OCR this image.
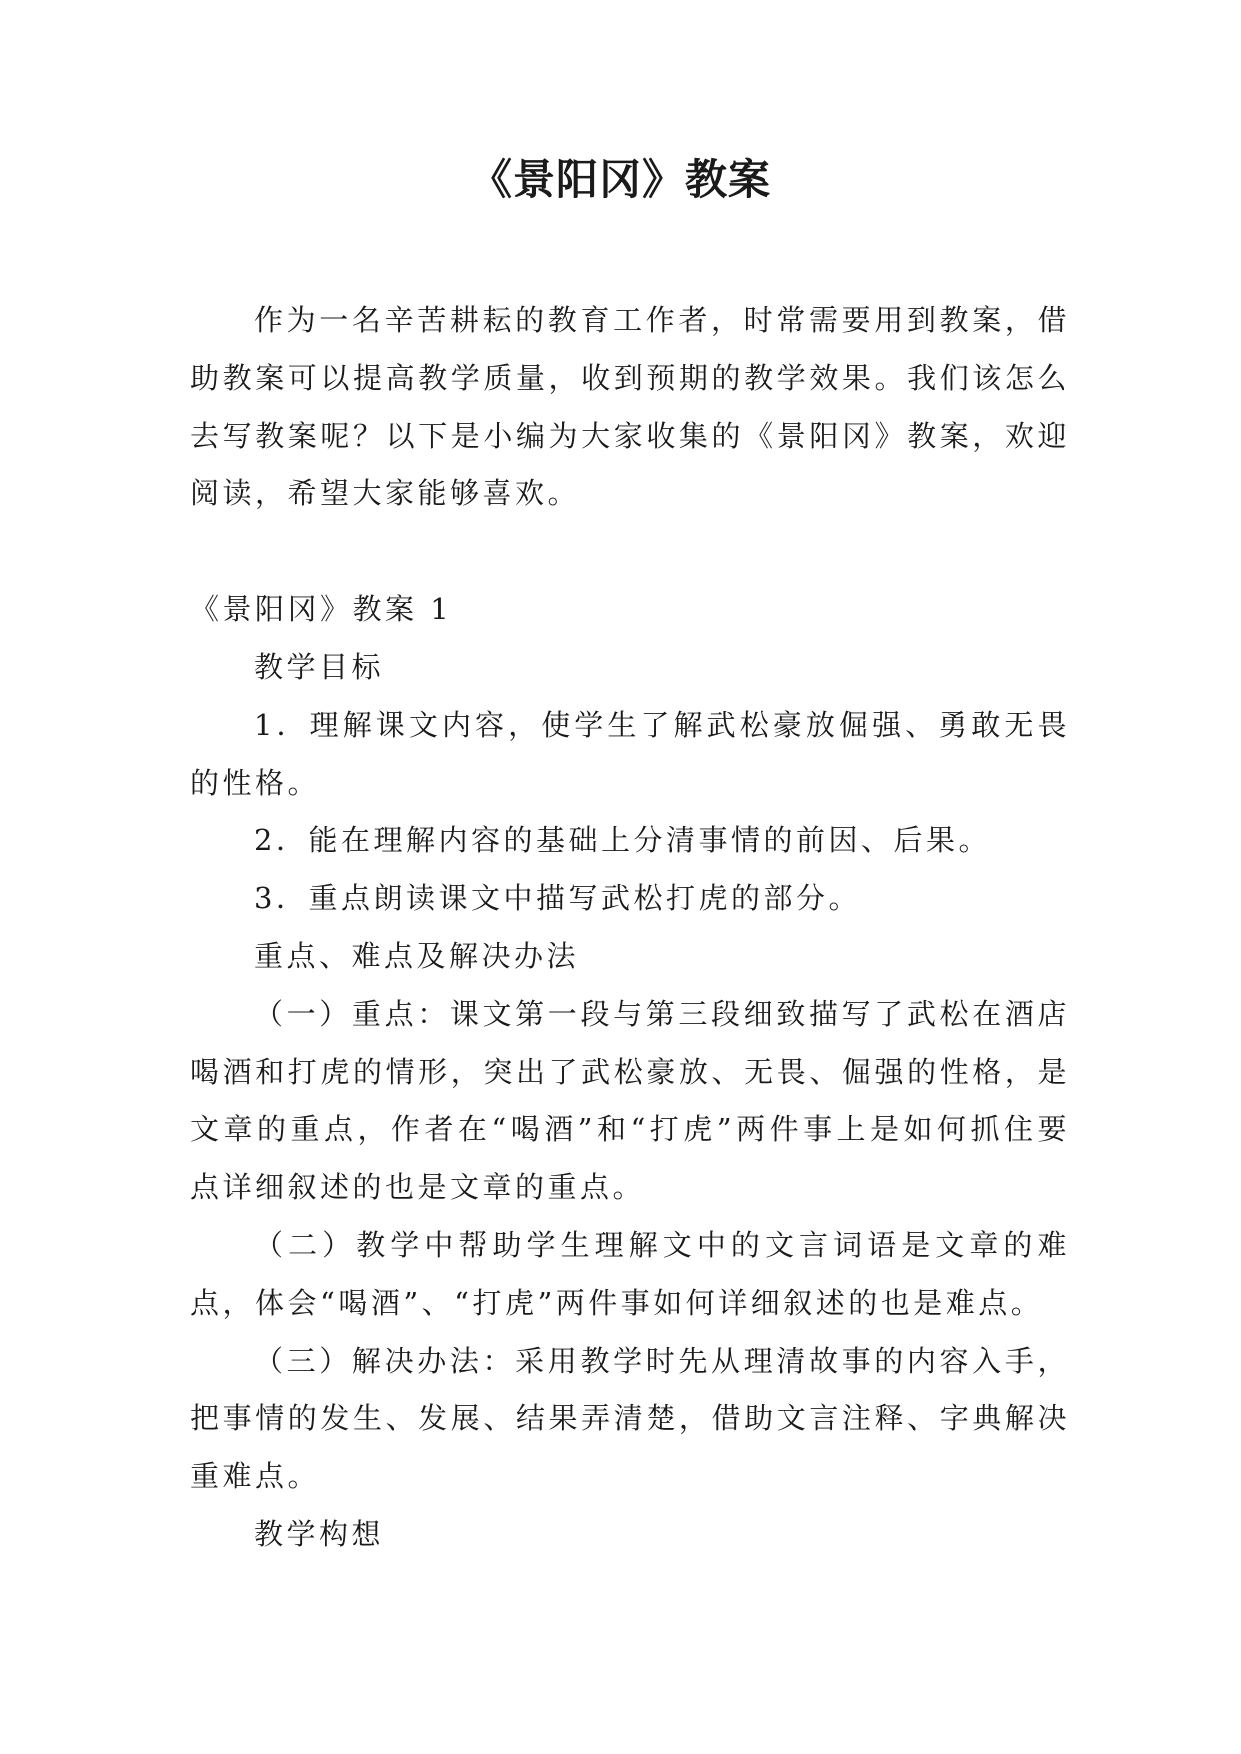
《景阳冈》教案

作为一名辛苦耕耘的教育工作者，时常需要用到教案，借助教案可以提高教学质量，收到预期的教学效果。我们该怎么去写教案呢？以下是小编为大家收集的《景阳冈》教案，欢迎阅读，希望大家能够喜欢。

《景阳冈》教案 1

教学目标

1．理解课文内容，使学生了解武松豪放倔强、勇敢无畏的性格。

2．能在理解内容的基础上分清事情的前因、后果。

3．重点朗读课文中描写武松打虎的部分。

重点、难点及解决办法

（一）重点：课文第一段与第三段细致描写了武松在酒店喝酒和打虎的情形，突出了武松豪放、无畏、倔强的性格，是文章的重点，作者在“喝酒”和“打虎”两件事上是如何抓住要点详细叙述的也是文章的重点。

（二）教学中帮助学生理解文中的文言词语是文章的难点，体会“喝酒”、“打虎”两件事如何详细叙述的也是难点。

（三）解决办法：采用教学时先从理清故事的内容入手，把事情的发生、发展、结果弄清楚，借助文言注释、字典解决重难点。

教学构想
